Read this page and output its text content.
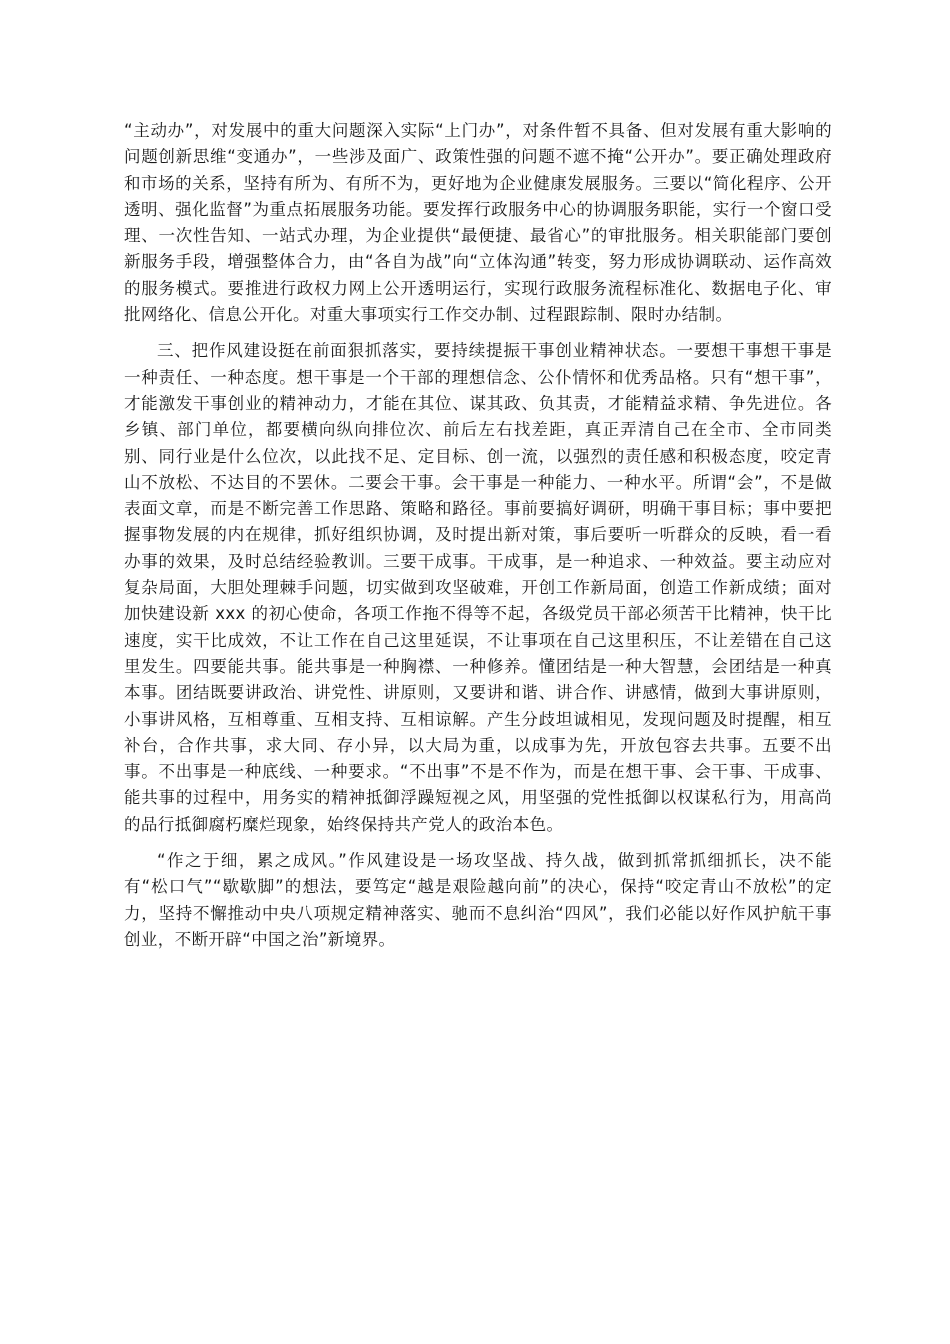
“主动办”，对发展中的重大问题深入实际“上门办”，对条件暂不具备、但对发展有重大影响的问题创新思维“变通办”，一些涉及面广、政策性强的问题不遮不掩“公开办”。要正确处理政府和市场的关系，坚持有所为、有所不为，更好地为企业健康发展服务。三要以“简化程序、公开透明、强化监督”为重点拓展服务功能。要发挥行政服务中心的协调服务职能，实行一个窗口受理、一次性告知、一站式办理，为企业提供“最便捷、最省心”的审批服务。相关职能部门要创新服务手段，增强整体合力，由“各自为战”向“立体沟通”转变，努力形成协调联动、运作高效的服务模式。要推进行政权力网上公开透明运行，实现行政服务流程标准化、数据电子化、审批网络化、信息公开化。对重大事项实行工作交办制、过程跟踪制、限时办结制。

三、把作风建设挺在前面狠抓落实，要持续提振干事创业精神状态。一要想干事想干事是一种责任、一种态度。想干事是一个干部的理想信念、公仆情怀和优秀品格。只有“想干事”，才能激发干事创业的精神动力，才能在其位、谋其政、负其责，才能精益求精、争先进位。各乡镇、部门单位，都要横向纵向排位次、前后左右找差距，真正弄清自己在全市、全市同类别、同行业是什么位次，以此找不足、定目标、创一流，以强烈的责任感和积极态度，咬定青山不放松、不达目的不罢休。二要会干事。会干事是一种能力、一种水平。所谓“会”，不是做表面文章，而是不断完善工作思路、策略和路径。事前要搞好调研，明确干事目标；事中要把握事物发展的内在规律，抓好组织协调，及时提出新对策，事后要听一听群众的反映，看一看办事的效果，及时总结经验教训。三要干成事。干成事，是一种追求、一种效益。要主动应对复杂局面，大胆处理棘手问题，切实做到攻坚破难，开创工作新局面，创造工作新成绩；面对加快建设新 xxx 的初心使命，各项工作拖不得等不起，各级党员干部必须苦干比精神，快干比速度，实干比成效，不让工作在自己这里延误，不让事项在自己这里积压，不让差错在自己这里发生。四要能共事。能共事是一种胸襟、一种修养。懂团结是一种大智慧，会团结是一种真本事。团结既要讲政治、讲党性、讲原则，又要讲和谐、讲合作、讲感情，做到大事讲原则，小事讲风格，互相尊重、互相支持、互相谅解。产生分歧坦诚相见，发现问题及时提醒，相互补台，合作共事，求大同、存小异，以大局为重，以成事为先，开放包容去共事。五要不出事。不出事是一种底线、一种要求。“不出事”不是不作为，而是在想干事、会干事、干成事、能共事的过程中，用务实的精神抵御浮躁短视之风，用坚强的党性抵御以权谋私行为，用高尚的品行抵御腐朽糜烂现象，始终保持共产党人的政治本色。

“作之于细，累之成风。”作风建设是一场攻坚战、持久战，做到抓常抓细抓长，决不能有“松口气”“歇歇脚”的想法，要笃定“越是艰险越向前”的决心，保持“咬定青山不放松”的定力，坚持不懈推动中央八项规定精神落实、驰而不息纠治“四风”，我们必能以好作风护航干事创业，不断开辟“中国之治”新境界。
